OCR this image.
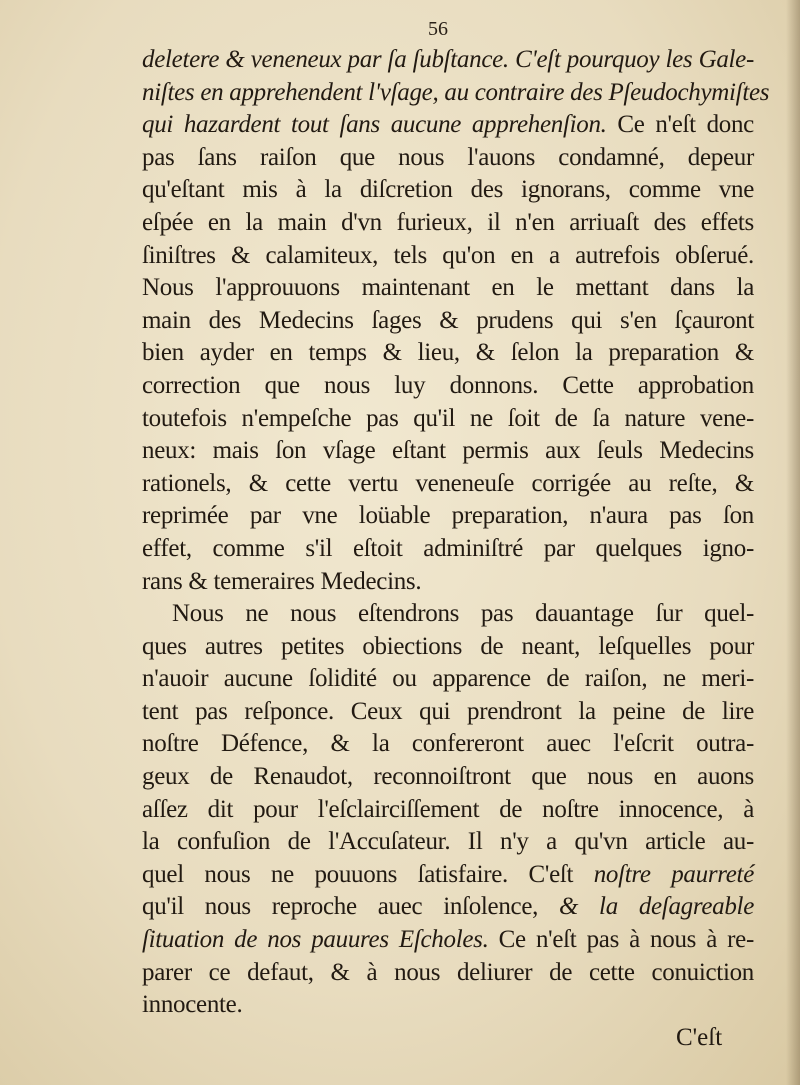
56
deletere & veneneux par ſa ſubſtance. C'eſt pourquoy les Gale-
niſtes en apprehendent l'vſage, au contraire des Pſeudochymiſtes
qui hazardent tout ſans aucune apprehenſion. Ce n'eſt donc
pas ſans raiſon que nous l'auons condamné, depeur
qu'eſtant mis à la diſcretion des ignorans, comme vne
eſpée en la main d'vn furieux, il n'en arriuaſt des effets
ſiniſtres & calamiteux, tels qu'on en a autrefois obſerué.
Nous l'approuuons maintenant en le mettant dans la
main des Medecins ſages & prudens qui s'en ſçauront
bien ayder en temps & lieu, & ſelon la preparation &
correction que nous luy donnons. Cette approbation
toutefois n'empeſche pas qu'il ne ſoit de ſa nature vene-
neux: mais ſon vſage eſtant permis aux ſeuls Medecins
rationels, & cette vertu veneneuſe corrigée au reſte, &
reprimée par vne loüable preparation, n'aura pas ſon
effet, comme s'il eſtoit adminiſtré par quelques igno-
rans & temeraires Medecins.
Nous ne nous eſtendrons pas dauantage ſur quel-
ques autres petites obiections de neant, leſquelles pour
n'auoir aucune ſolidité ou apparence de raiſon, ne meri-
tent pas reſponce. Ceux qui prendront la peine de lire
noſtre Défence, & la confereront auec l'eſcrit outra-
geux de Renaudot, reconnoiſtront que nous en auons
aſſez dit pour l'eſclairciſſement de noſtre innocence, à
la confuſion de l'Accuſateur. Il n'y a qu'vn article au-
quel nous ne pouuons ſatisfaire. C'eſt noſtre paurreté
qu'il nous reproche auec inſolence, & la deſagreable
ſituation de nos pauures Eſcholes. Ce n'eſt pas à nous à re-
parer ce defaut, & à nous deliurer de cette conuiction
innocente.
C'eſt
